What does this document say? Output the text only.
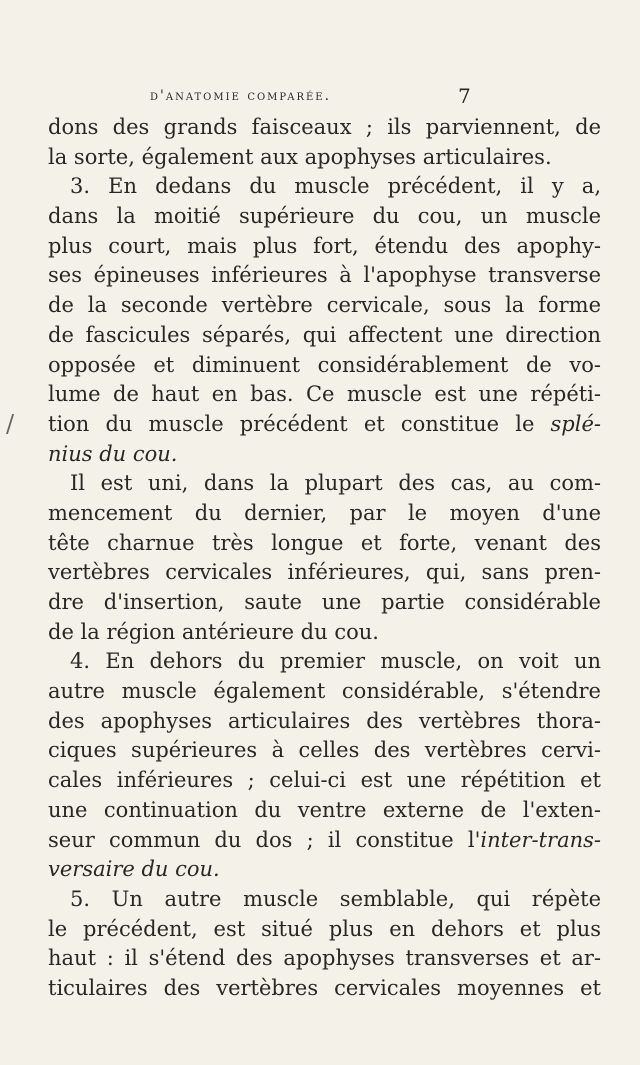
d'anatomie comparée.	7
/
dons des grands faisceaux ; ils parviennent, de
la sorte, également aux apophyses articulaires.
3. En dedans du muscle précédent, il y a,
dans la moitié supérieure du cou, un muscle
plus court, mais plus fort, étendu des apophy-
ses épineuses inférieures à l'apophyse transverse
de la seconde vertèbre cervicale, sous la forme
de fascicules séparés, qui affectent une direction
opposée et diminuent considérablement de vo-
lume de haut en bas. Ce muscle est une répéti-
tion du muscle précédent et constitue le splé-
nius du cou.
Il est uni, dans la plupart des cas, au com-
mencement du dernier, par le moyen d'une
tête charnue très longue et forte, venant des
vertèbres cervicales inférieures, qui, sans pren-
dre d'insertion, saute une partie considérable
de la région antérieure du cou.
4. En dehors du premier muscle, on voit un
autre muscle également considérable, s'étendre
des apophyses articulaires des vertèbres thora-
ciques supérieures à celles des vertèbres cervi-
cales inférieures ; celui-ci est une répétition et
une continuation du ventre externe de l'exten-
seur commun du dos ; il constitue l'inter-trans-
versaire du cou.
5. Un autre muscle semblable, qui répète
le précédent, est situé plus en dehors et plus
haut : il s'étend des apophyses transverses et ar-
ticulaires des vertèbres cervicales moyennes et
